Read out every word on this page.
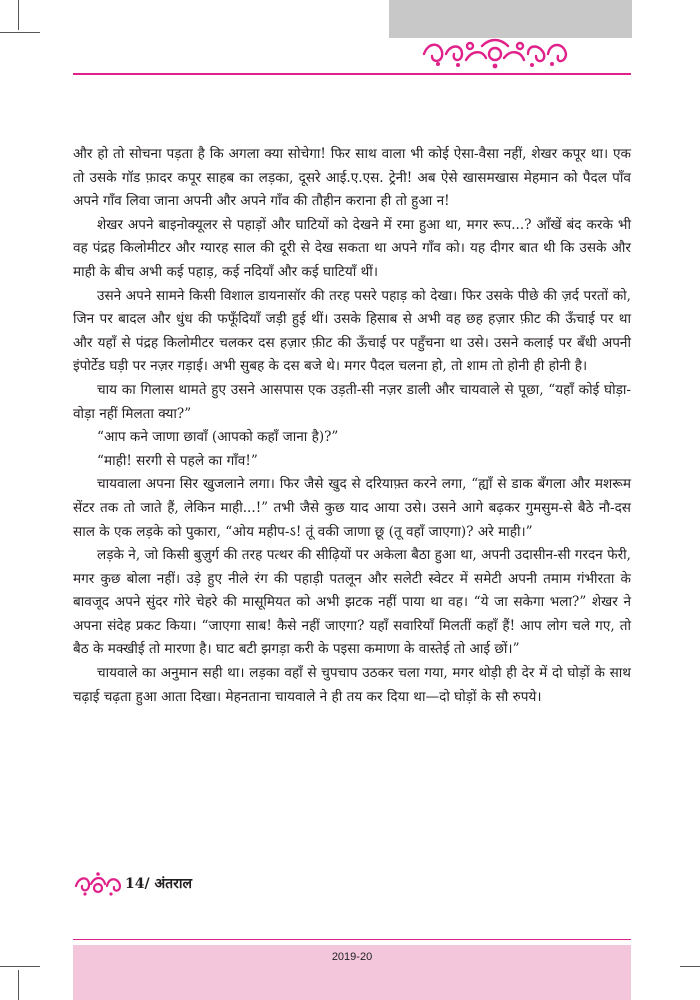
और हो तो सोचना पड़ता है कि अगला क्या सोचेगा! फिर साथ वाला भी कोई ऐसा-वैसा नहीं, शेखर कपूर था। एक तो उसके गॉड फ़ादर कपूर साहब का लड़का, दूसरे आई.ए.एस. ट्रेनी! अब ऐसे खासमखास मेहमान को पैदल पाँव अपने गाँव लिवा जाना अपनी और अपने गाँव की तौहीन कराना ही तो हुआ न!

शेखर अपने बाइनोक्यूलर से पहाड़ों और घाटियों को देखने में रमा हुआ था, मगर रूप...? आँखें बंद करके भी वह पंद्रह किलोमीटर और ग्यारह साल की दूरी से देख सकता था अपने गाँव को। यह दीगर बात थी कि उसके और माही के बीच अभी कई पहाड़, कई नदियाँ और कई घाटियाँ थीं।

उसने अपने सामने किसी विशाल डायनासॉर की तरह पसरे पहाड़ को देखा। फिर उसके पीछे की ज़र्द परतों को, जिन पर बादल और धुंध की फफूँदियाँ जड़ी हुई थीं। उसके हिसाब से अभी वह छह हज़ार फ़ीट की ऊँचाई पर था और यहाँ से पंद्रह किलोमीटर चलकर दस हज़ार फ़ीट की ऊँचाई पर पहुँचना था उसे। उसने कलाई पर बँधी अपनी इंपोर्टेड घड़ी पर नज़र गड़ाई। अभी सुबह के दस बजे थे। मगर पैदल चलना हो, तो शाम तो होनी ही होनी है।

चाय का गिलास थामते हुए उसने आसपास एक उड़ती-सी नज़र डाली और चायवाले से पूछा, “यहाँ कोई घोड़ा-वोड़ा नहीं मिलता क्या?”

“आप कने जाणा छावाँ (आपको कहाँ जाना है)?”

“माही! सरगी से पहले का गाँव!”

चायवाला अपना सिर खुजलाने लगा। फिर जैसे खुद से दरियाफ़्त करने लगा, “ह्याँ से डाक बँगला और मशरूम सेंटर तक तो जाते हैं, लेकिन माही...!” तभी जैसे कुछ याद आया उसे। उसने आगे बढ़कर गुमसुम-से बैठे नौ-दस साल के एक लड़के को पुकारा, “ओय महीप-ऽ! तूं वकी जाणा छू (तू वहाँ जाएगा)? अरे माही।”

लड़के ने, जो किसी बुज़ुर्ग की तरह पत्थर की सीढ़ियों पर अकेला बैठा हुआ था, अपनी उदासीन-सी गरदन फेरी, मगर कुछ बोला नहीं। उड़े हुए नीले रंग की पहाड़ी पतलून और सलेटी स्वेटर में समेटी अपनी तमाम गंभीरता के बावजूद अपने सुंदर गोरे चेहरे की मासूमियत को अभी झटक नहीं पाया था वह। “ये जा सकेगा भला?” शेखर ने अपना संदेह प्रकट किया। “जाएगा साब! कैसे नहीं जाएगा? यहाँ सवारियाँ मिलतीं कहाँ हैं! आप लोग चले गए, तो बैठ के मक्खीई तो मारणा है। घाट बटी झगड़ा करी के पइसा कमाणा के वास्तेई तो आई छों।”

चायवाले का अनुमान सही था। लड़का वहाँ से चुपचाप उठकर चला गया, मगर थोड़ी ही देर में दो घोड़ों के साथ चढ़ाई चढ़ता हुआ आता दिखा। मेहनताना चायवाले ने ही तय कर दिया था—दो घोड़ों के सौ रुपये।

14/ अंतराल
2019-20
